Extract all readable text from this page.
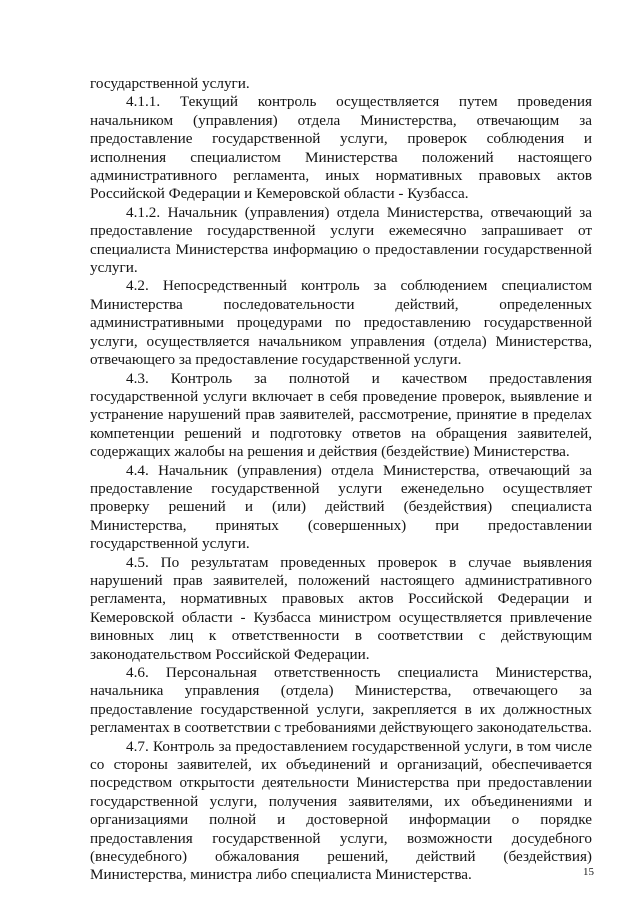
государственной услуги.

4.1.1. Текущий контроль осуществляется путем проведения начальником (управления) отдела Министерства, отвечающим за предоставление государственной услуги, проверок соблюдения и исполнения специалистом Министерства положений настоящего административного регламента, иных нормативных правовых актов Российской Федерации и Кемеровской области - Кузбасса.

4.1.2. Начальник (управления) отдела Министерства, отвечающий за предоставление государственной услуги ежемесячно запрашивает от специалиста Министерства информацию о предоставлении государственной услуги.

4.2. Непосредственный контроль за соблюдением специалистом Министерства последовательности действий, определенных административными процедурами по предоставлению государственной услуги, осуществляется начальником управления (отдела) Министерства, отвечающего за предоставление государственной услуги.

4.3. Контроль за полнотой и качеством предоставления государственной услуги включает в себя проведение проверок, выявление и устранение нарушений прав заявителей, рассмотрение, принятие в пределах компетенции решений и подготовку ответов на обращения заявителей, содержащих жалобы на решения и действия (бездействие) Министерства.

4.4. Начальник (управления) отдела Министерства, отвечающий за предоставление государственной услуги еженедельно осуществляет проверку решений и (или) действий (бездействия) специалиста Министерства, принятых (совершенных) при предоставлении государственной услуги.

4.5. По результатам проведенных проверок в случае выявления нарушений прав заявителей, положений настоящего административного регламента, нормативных правовых актов Российской Федерации и Кемеровской области - Кузбасса министром осуществляется привлечение виновных лиц к ответственности в соответствии с действующим законодательством Российской Федерации.

4.6. Персональная ответственность специалиста Министерства, начальника управления (отдела) Министерства, отвечающего за предоставление государственной услуги, закрепляется в их должностных регламентах в соответствии с требованиями действующего законодательства.

4.7. Контроль за предоставлением государственной услуги, в том числе со стороны заявителей, их объединений и организаций, обеспечивается посредством открытости деятельности Министерства при предоставлении государственной услуги, получения заявителями, их объединениями и организациями полной и достоверной информации о порядке предоставления государственной услуги, возможности досудебного (внесудебного) обжалования решений, действий (бездействия) Министерства, министра либо специалиста Министерства.	15
